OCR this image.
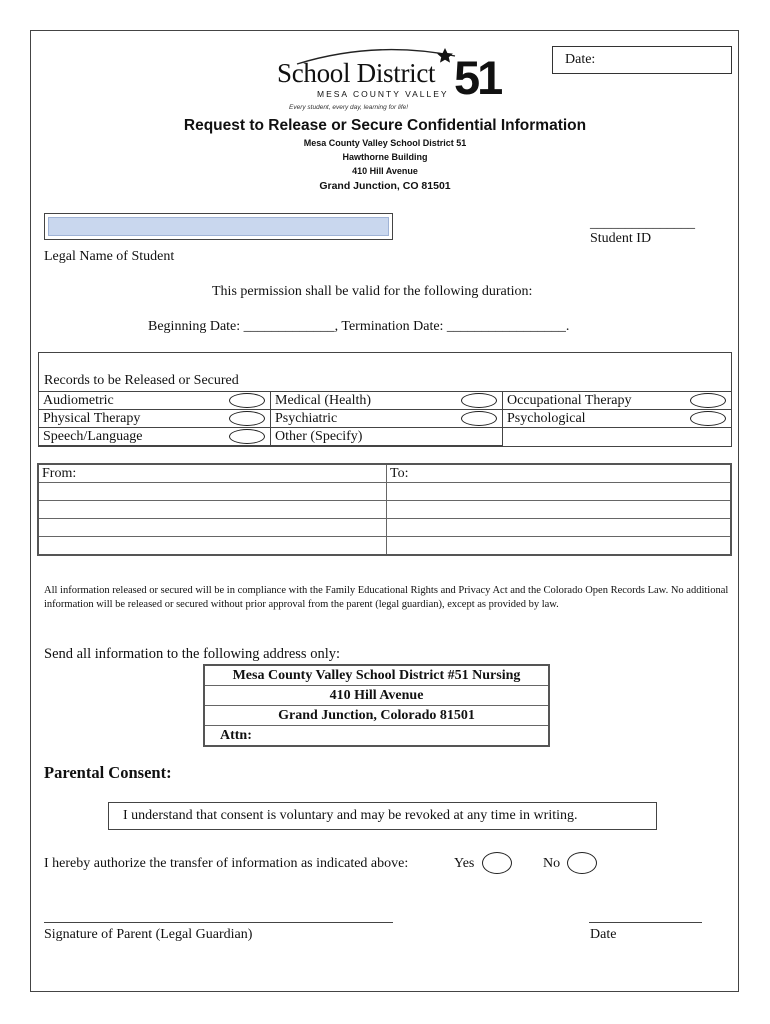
Date:
School District 51
MESA COUNTY VALLEY
Every student, every day, learning for life!
Request to Release or Secure Confidential Information
Mesa County Valley School District 51
Hawthorne Building
410 Hill Avenue
Grand Junction, CO 81501
Legal Name of Student
_______________
Student ID
This permission shall be valid for the following duration:
Beginning Date: _____________, Termination Date: _________________.
Records to be Released or Secured
Audiometric	Medical (Health)	Occupational Therapy

Physical Therapy	Psychiatric	Psychological

Speech/Language	Other (Specify)	
From:	To:

All information released or secured will be in compliance with the Family Educational Rights and Privacy Act and the Colorado Open Records Law. No additional information will be released or secured without prior approval from the parent (legal guardian), except as provided by law.
Send all information to the following address only:
Mesa County Valley School District #51 Nursing
410 Hill Avenue
Grand Junction, Colorado 81501
Attn:
Parental Consent:
I understand that consent is voluntary and may be revoked at any time in writing.
I hereby authorize the transfer of information as indicated above:	Yes	No
Signature of Parent (Legal Guardian)	Date
